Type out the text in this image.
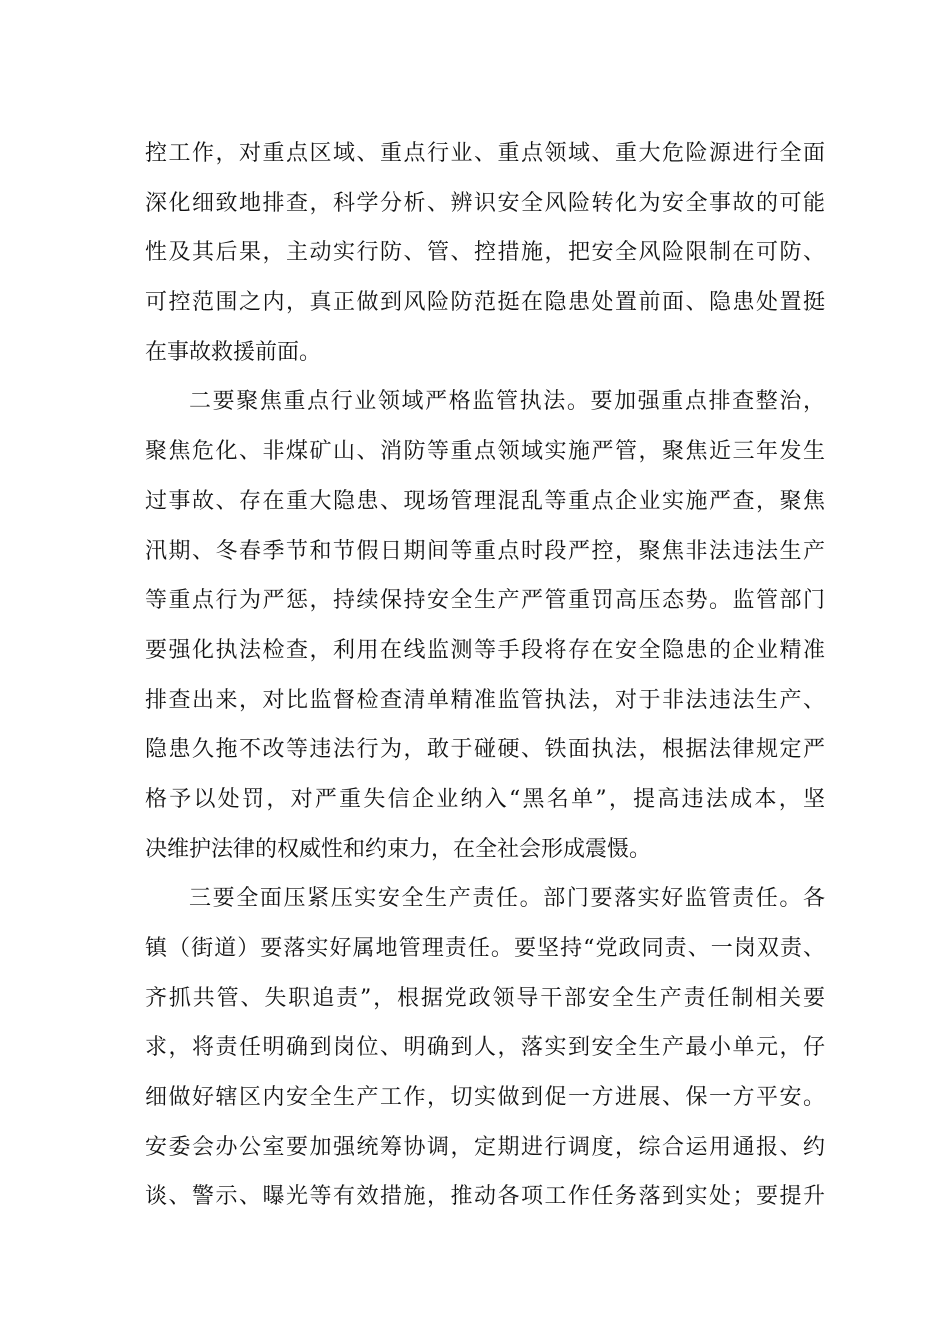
控工作，对重点区域、重点行业、重点领域、重大危险源进行全面
深化细致地排查，科学分析、辨识安全风险转化为安全事故的可能
性及其后果，主动实行防、管、控措施，把安全风险限制在可防、
可控范围之内，真正做到风险防范挺在隐患处置前面、隐患处置挺
在事故救援前面。
二要聚焦重点行业领域严格监管执法。要加强重点排查整治，
聚焦危化、非煤矿山、消防等重点领域实施严管，聚焦近三年发生
过事故、存在重大隐患、现场管理混乱等重点企业实施严查，聚焦
汛期、冬春季节和节假日期间等重点时段严控，聚焦非法违法生产
等重点行为严惩，持续保持安全生产严管重罚高压态势。监管部门
要强化执法检查，利用在线监测等手段将存在安全隐患的企业精准
排查出来，对比监督检查清单精准监管执法，对于非法违法生产、
隐患久拖不改等违法行为，敢于碰硬、铁面执法，根据法律规定严
格予以处罚，对严重失信企业纳入“黑名单”，提高违法成本，坚
决维护法律的权威性和约束力，在全社会形成震慑。
三要全面压紧压实安全生产责任。部门要落实好监管责任。各
镇（街道）要落实好属地管理责任。要坚持“党政同责、一岗双责、
齐抓共管、失职追责”，根据党政领导干部安全生产责任制相关要
求，将责任明确到岗位、明确到人，落实到安全生产最小单元，仔
细做好辖区内安全生产工作，切实做到促一方进展、保一方平安。
安委会办公室要加强统筹协调，定期进行调度，综合运用通报、约
谈、警示、曝光等有效措施，推动各项工作任务落到实处；要提升
